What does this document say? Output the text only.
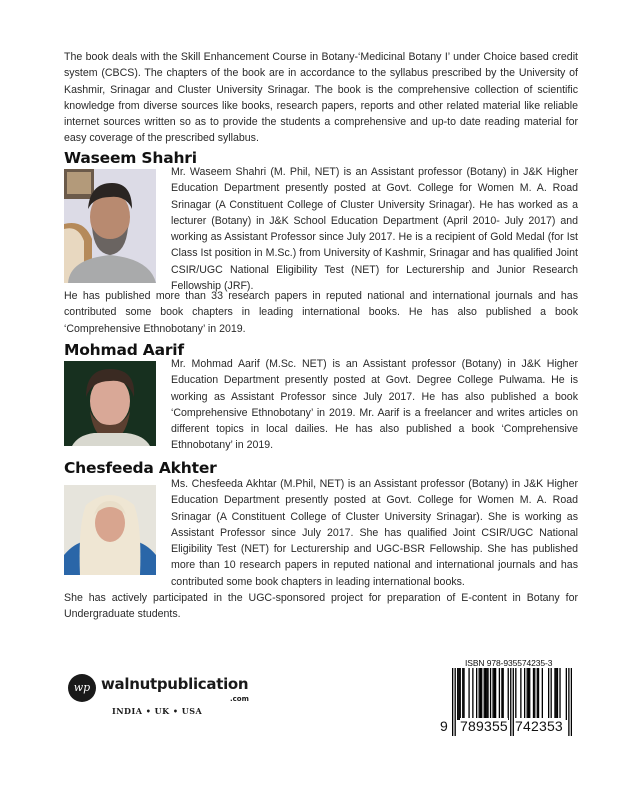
The book deals with the Skill Enhancement Course in Botany-‘Medicinal Botany I’ under Choice based credit system (CBCS). The chapters of the book are in accordance to the syllabus prescribed by the University of Kashmir, Srinagar and Cluster University Srinagar. The book is the comprehensive collection of scientific knowledge from diverse sources like books, research papers, reports and other related material like reliable internet sources written so as to provide the students a comprehensive and up-to date reading material for easy coverage of the prescribed syllabus.

Waseem Shahri

Mr. Waseem Shahri (M. Phil, NET) is an Assistant professor (Botany) in J&K Higher Education Department presently posted at Govt. College for Women M. A. Road Srinagar (A Constituent College of Cluster University Srinagar). He has worked as a lecturer (Botany) in J&K School Education Department (April 2010- July 2017) and working as Assistant Professor since July 2017. He is a recipient of Gold Medal (for Ist Class Ist position in M.Sc.) from University of Kashmir, Srinagar and has qualified Joint CSIR/UGC National Eligibility Test (NET) for Lecturership and Junior Research Fellowship (JRF).

He has published more than 33 research papers in reputed national and international journals and has contributed some book chapters in leading international books. He has also published a book ‘Comprehensive Ethnobotany’ in 2019.

Mohmad Aarif

Mr. Mohmad Aarif (M.Sc. NET) is an Assistant professor (Botany) in J&K Higher Education Department presently posted at Govt. Degree College Pulwama. He is working as Assistant Professor since July 2017. He has also published a book ‘Comprehensive Ethnobotany’ in 2019. Mr. Aarif is a freelancer and writes articles on different topics in local dailies. He has also published a book ‘Comprehensive Ethnobotany’ in 2019.

Chesfeeda Akhter

Ms. Chesfeeda Akhtar (M.Phil, NET) is an Assistant professor (Botany) in J&K Higher Education Department presently posted at Govt. College for Women M. A. Road Srinagar (A Constituent College of Cluster University Srinagar). She is working as Assistant Professor since July 2017. She has qualified Joint CSIR/UGC National Eligibility Test (NET) for Lecturership and UGC-BSR Fellowship. She has published more than 10 research papers in reputed national and international journals and has contributed some book chapters in leading international books.

She has actively participated in the UGC-sponsored project for preparation of E-content in Botany for Undergraduate students.

wp walnutpublication
.com
INDIA • UK • USA
ISBN 978-935574235-3
9 789355 742353
